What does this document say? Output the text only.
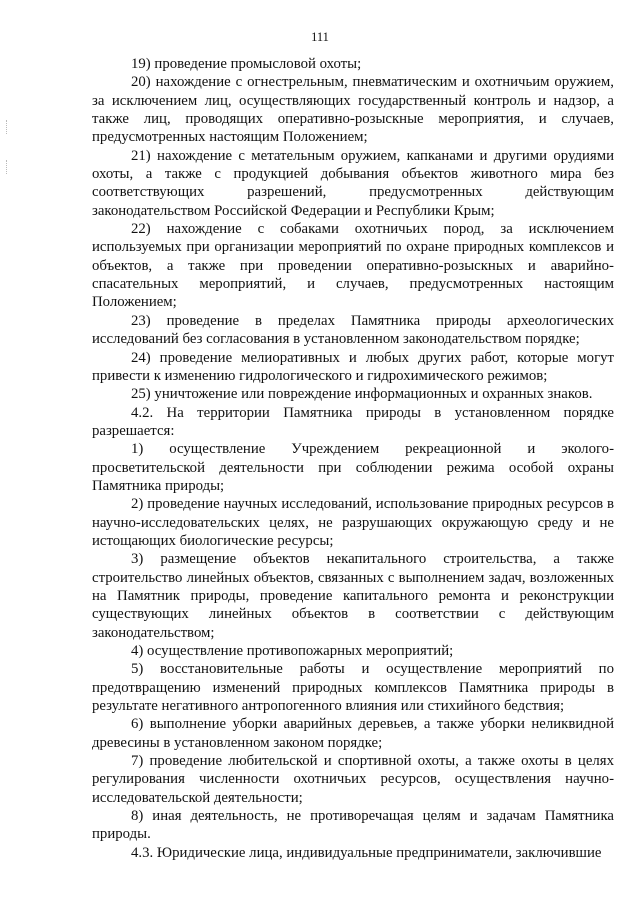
111

19) проведение промысловой охоты;

20) нахождение с огнестрельным, пневматическим и охотничьим оружием, за исключением лиц, осуществляющих государственный контроль и надзор, а также лиц, проводящих оперативно-розыскные мероприятия, и случаев, предусмотренных настоящим Положением;

21) нахождение с метательным оружием, капканами и другими орудиями охоты, а также с продукцией добывания объектов животного мира без соответствующих разрешений, предусмотренных действующим законодательством Российской Федерации и Республики Крым;

22) нахождение с собаками охотничьих пород, за исключением используемых при организации мероприятий по охране природных комплексов и объектов, а также при проведении оперативно-розыскных и аварийно-спасательных мероприятий, и случаев, предусмотренных настоящим Положением;

23) проведение в пределах Памятника природы археологических исследований без согласования в установленном законодательством порядке;

24) проведение мелиоративных и любых других работ, которые могут привести к изменению гидрологического и гидрохимического режимов;

25) уничтожение или повреждение информационных и охранных знаков.

4.2. На территории Памятника природы в установленном порядке разрешается:

1) осуществление Учреждением рекреационной и эколого-просветительской деятельности при соблюдении режима особой охраны Памятника природы;

2) проведение научных исследований, использование природных ресурсов в научно-исследовательских целях, не разрушающих окружающую среду и не истощающих биологические ресурсы;

3) размещение объектов некапитального строительства, а также строительство линейных объектов, связанных с выполнением задач, возложенных на Памятник природы, проведение капитального ремонта и реконструкции существующих линейных объектов в соответствии с действующим законодательством;

4) осуществление противопожарных мероприятий;

5) восстановительные работы и осуществление мероприятий по предотвращению изменений природных комплексов Памятника природы в результате негативного антропогенного влияния или стихийного бедствия;

6) выполнение уборки аварийных деревьев, а также уборки неликвидной древесины в установленном законом порядке;

7) проведение любительской и спортивной охоты, а также охоты в целях регулирования численности охотничьих ресурсов, осуществления научно-исследовательской деятельности;

8) иная деятельность, не противоречащая целям и задачам Памятника природы.

4.3. Юридические лица, индивидуальные предприниматели, заключившие
